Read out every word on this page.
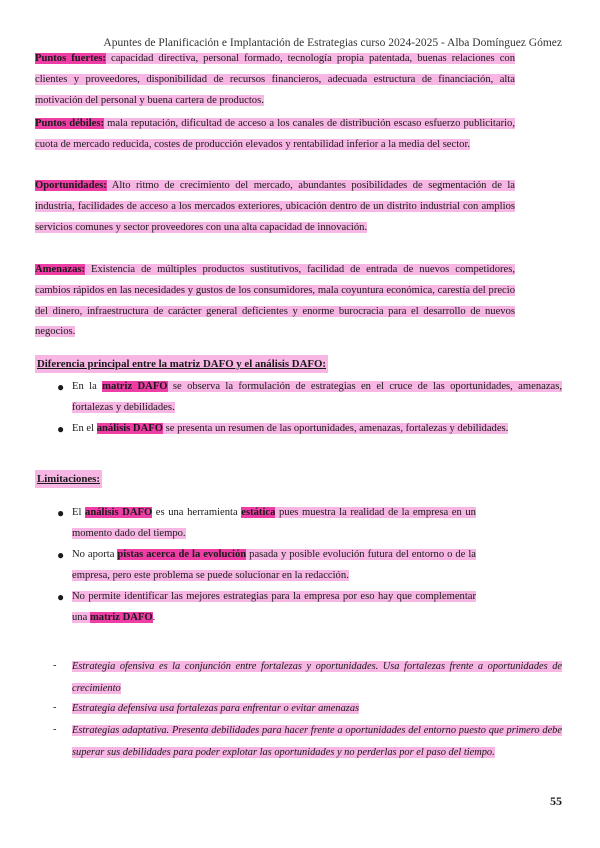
Apuntes de Planificación e Implantación de Estrategias curso 2024-2025 - Alba Domínguez Gómez
Puntos fuertes: capacidad directiva, personal formado, tecnología propia patentada, buenas relaciones con clientes y proveedores, disponibilidad de recursos financieros, adecuada estructura de financiación, alta motivación del personal y buena cartera de productos.
Puntos débiles: mala reputación, dificultad de acceso a los canales de distribución escaso esfuerzo publicitario, cuota de mercado reducida, costes de producción elevados y rentabilidad inferior a la media del sector.
Oportunidades: Alto ritmo de crecimiento del mercado, abundantes posibilidades de segmentación de la industria, facilidades de acceso a los mercados exteriores, ubicación dentro de un distrito industrial con amplios servicios comunes y sector proveedores con una alta capacidad de innovación.
Amenazas: Existencia de múltiples productos sustitutivos, facilidad de entrada de nuevos competidores, cambios rápidos en las necesidades y gustos de los consumidores, mala coyuntura económica, carestía del precio del dinero, infraestructura de carácter general deficientes y enorme burocracia para el desarrollo de nuevos negocios.
Diferencia principal entre la matriz DAFO y el análisis DAFO:
● En la matriz DAFO se observa la formulación de estrategias en el cruce de las oportunidades, amenazas, fortalezas y debilidades.
● En el análisis DAFO se presenta un resumen de las oportunidades, amenazas, fortalezas y debilidades.
Limitaciones:
● El análisis DAFO es una herramienta estática pues muestra la realidad de la empresa en un momento dado del tiempo.
● No aporta pistas acerca de la evolución pasada y posible evolución futura del entorno o de la empresa, pero este problema se puede solucionar en la redacción.
● No permite identificar las mejores estrategias para la empresa por eso hay que complementar una matriz DAFO.
- Estrategia ofensiva es la conjunción entre fortalezas y oportunidades. Usa fortalezas frente a oportunidades de crecimiento
- Estrategia defensiva usa fortalezas para enfrentar o evitar amenazas
- Estrategias adaptativa. Presenta debilidades para hacer frente a oportunidades del entorno puesto que primero debe superar sus debilidades para poder explotar las oportunidades y no perderlas por el paso del tiempo.
55
